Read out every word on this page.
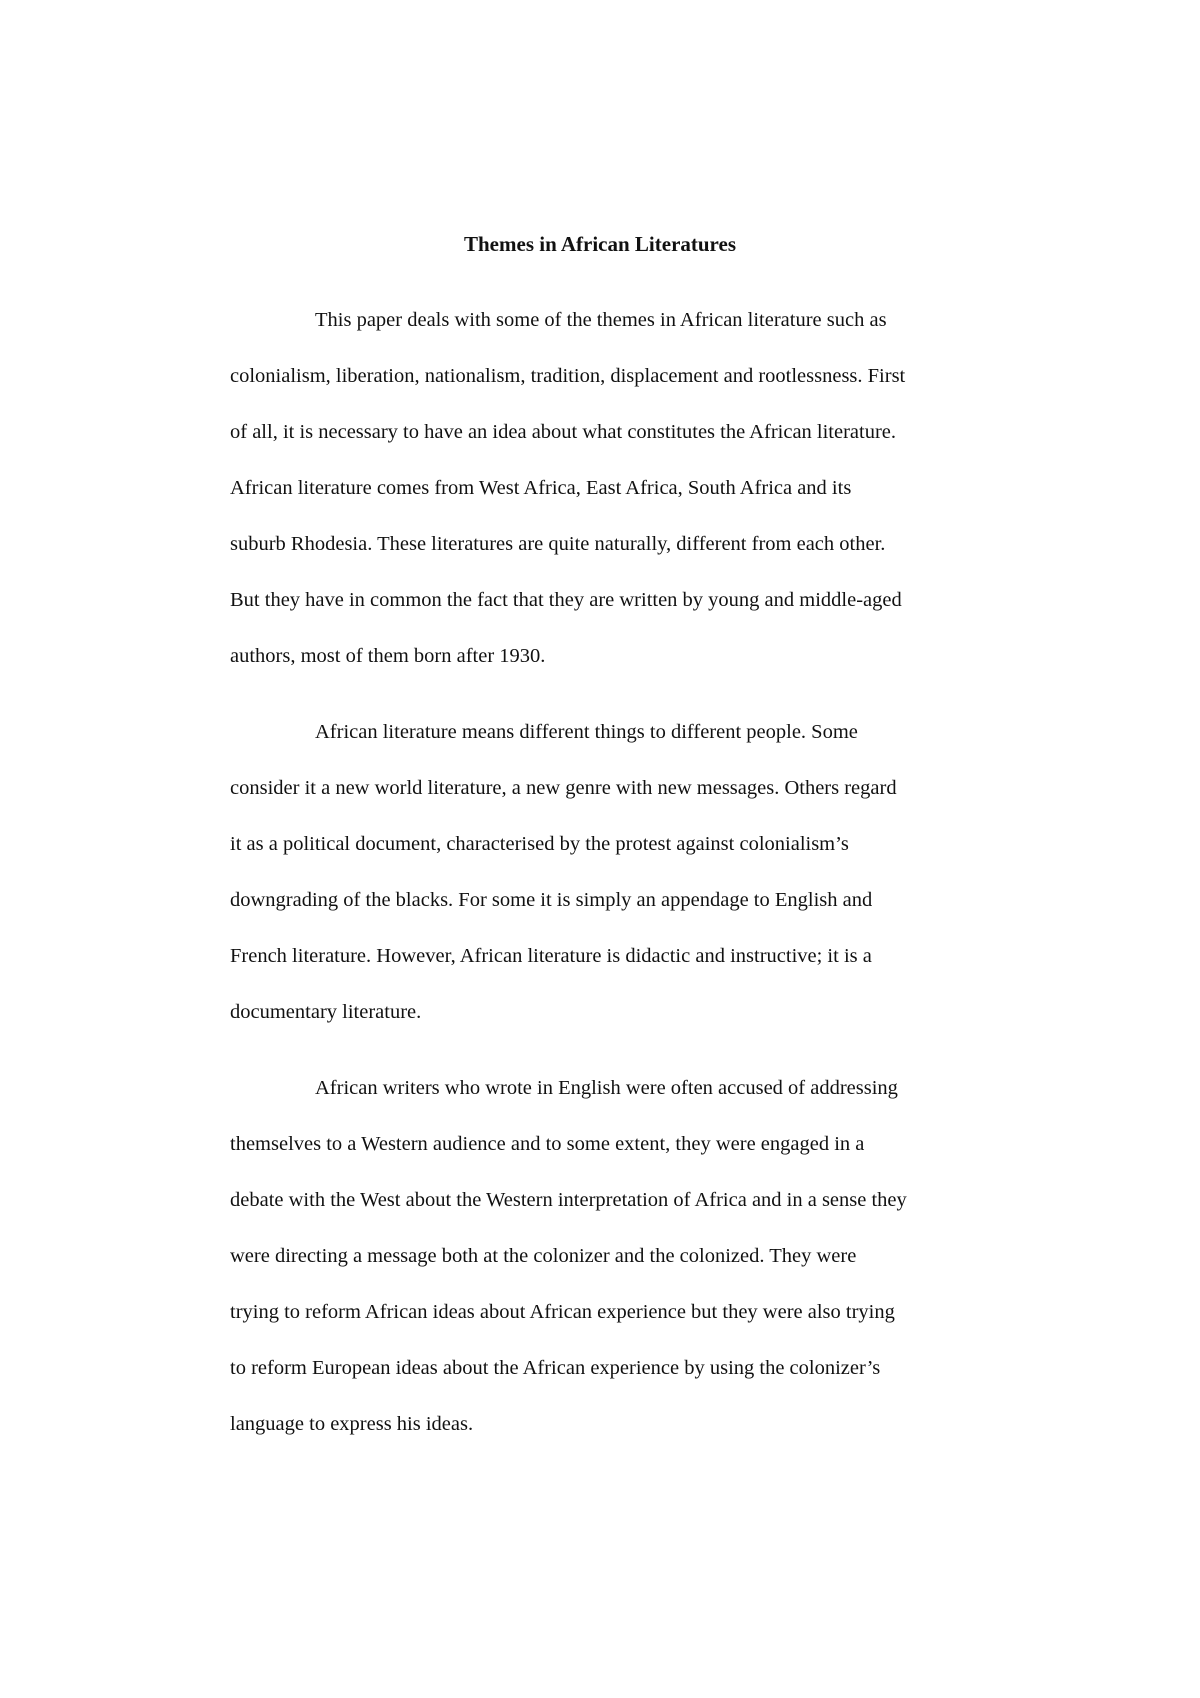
Themes in African Literatures
This paper deals with some of the themes in African literature such as
colonialism, liberation, nationalism, tradition, displacement and rootlessness. First
of all, it is necessary to have an idea about what constitutes the African literature.
African literature comes from West Africa, East Africa, South Africa and its
suburb Rhodesia. These literatures are quite naturally, different from each other.
But they have in common the fact that they are written by young and middle-aged
authors, most of them born after 1930.
African literature means different things to different people. Some
consider it a new world literature, a new genre with new messages. Others regard
it as a political document, characterised by the protest against colonialism’s
downgrading of the blacks. For some it is simply an appendage to English and
French literature. However, African literature is didactic and instructive; it is a
documentary literature.
African writers who wrote in English were often accused of addressing
themselves to a Western audience and to some extent, they were engaged in a
debate with the West about the Western interpretation of Africa and in a sense they
were directing a message both at the colonizer and the colonized. They were
trying to reform African ideas about African experience but they were also trying
to reform European ideas about the African experience by using the colonizer’s
language to express his ideas.
